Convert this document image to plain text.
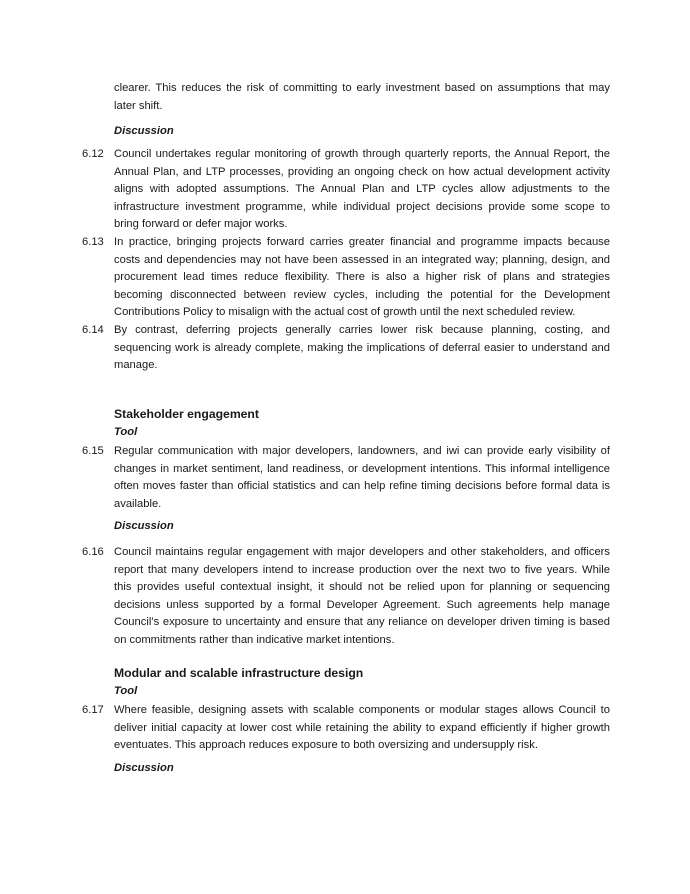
clearer. This reduces the risk of committing to early investment based on assumptions that may

later shift.

Discussion

6.12 Council undertakes regular monitoring of growth through quarterly reports, the Annual Report, the

Annual Plan, and LTP processes, providing an ongoing check on how actual development activity

aligns with adopted assumptions. The Annual Plan and LTP cycles allow adjustments to the

infrastructure investment programme, while individual project decisions provide some scope to

bring forward or defer major works.

6.13 In practice, bringing projects forward carries greater financial and programme impacts because

costs and dependencies may not have been assessed in an integrated way; planning, design, and

procurement lead times reduce flexibility. There is also a higher risk of plans and strategies

becoming disconnected between review cycles, including the potential for the Development

Contributions Policy to misalign with the actual cost of growth until the next scheduled review.

6.14 By contrast, deferring projects generally carries lower risk because planning, costing, and

sequencing work is already complete, making the implications of deferral easier to understand and

manage.

Stakeholder engagement

Tool

6.15 Regular communication with major developers, landowners, and iwi can provide early visibility of

changes in market sentiment, land readiness, or development intentions. This informal intelligence

often moves faster than official statistics and can help refine timing decisions before formal data is

available.

Discussion

6.16 Council maintains regular engagement with major developers and other stakeholders, and officers

report that many developers intend to increase production over the next two to five years. While

this provides useful contextual insight, it should not be relied upon for planning or sequencing

decisions unless supported by a formal Developer Agreement. Such agreements help manage

Council’s exposure to uncertainty and ensure that any reliance on developer driven timing is based

on commitments rather than indicative market intentions.

Modular and scalable infrastructure design

Tool

6.17 Where feasible, designing assets with scalable components or modular stages allows Council to

deliver initial capacity at lower cost while retaining the ability to expand efficiently if higher growth

eventuates. This approach reduces exposure to both oversizing and undersupply risk.

Discussion
